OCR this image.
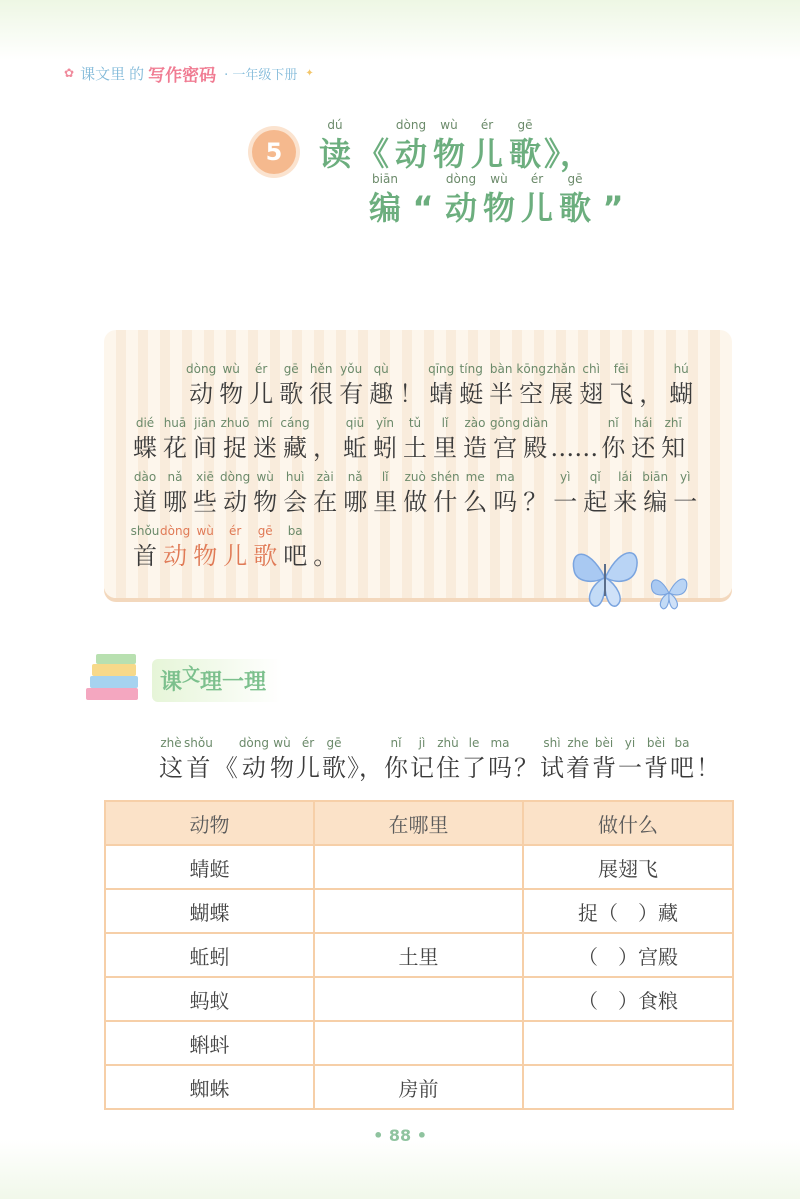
✿ 课文里 的 写作密码 · 一年级下册 ✦
5
dú
读 《
dòng
动
wù
物
ér
儿
gē
歌 》，
biān
编 “
dòng
动
wù
物
ér
儿
gē
歌 ”
dòng
动
wù
物
ér
儿
gē
歌
hěn
很
yǒu
有
qù
趣 ！
qīng
蜻
tíng
蜓
bàn
半
kōng
空
zhǎn
展
chì
翅
fēi
飞 ，
hú
蝴
dié
蝶
huā
花
jiān
间
zhuō
捉
mí
迷
cáng
藏 ，
qiū
蚯
yǐn
蚓
tǔ
土
lǐ
里
zào
造
gōng
宫
diàn
殿 ……
nǐ
你
hái
还
zhī
知
dào
道
nǎ
哪
xiē
些
dòng
动
wù
物
huì
会
zài
在
nǎ
哪
lǐ
里
zuò
做
shén
什
me
么
ma
吗 ？
yì
一
qǐ
起
lái
来
biān
编
yì
一
shǒu
首
dòng
动
wù
物
ér
儿
gē
歌
ba
吧 。
课$^文$理一理
zhè
这
shǒu
首 《
dòng
动
wù
物
ér
儿
gē
歌 》，
nǐ
你
jì
记
zhù
住
le
了
ma
吗 ？
shì
试
zhe
着
bèi
背
yi
一
bèi
背
ba
吧 ！
动物	在哪里	做什么
蜻蜓		展翅飞
蝴蝶		捉（　）藏
蚯蚓	土里	（　）宫殿
蚂蚁		（　）食粮
蝌蚪		
蜘蛛	房前	
• 88 •
